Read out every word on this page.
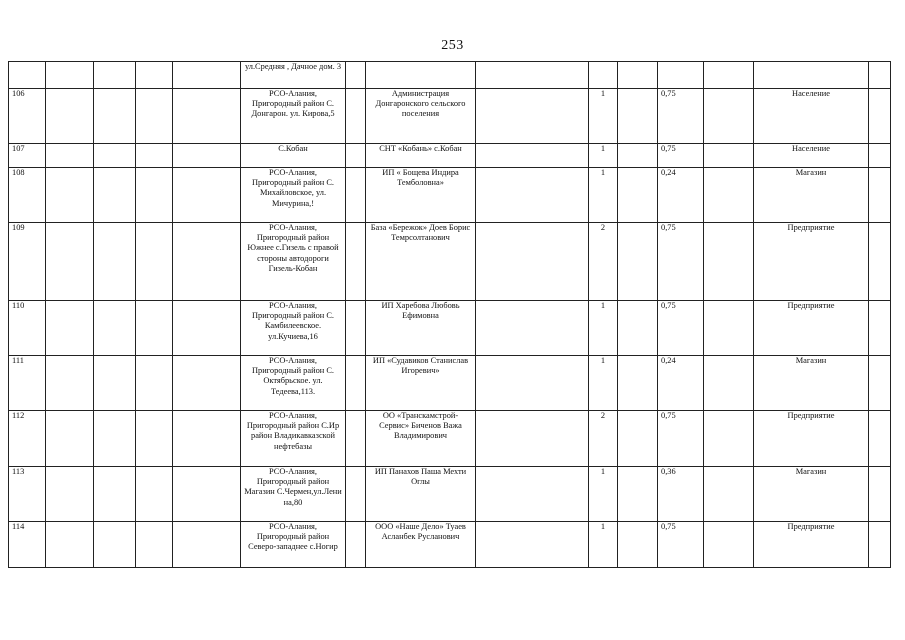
253
					ул.Средняя , Дачное дом. 3									
106					РСО-Алания, Пригородный район С. Донгарон. ул. Кирова,5		Администрация Донгаронского сельского поселения		1		0,75		Население	
107					С.Кобан		СНТ «Кобань» с.Кобан		1		0,75		Население	
108					РСО-Алания, Пригородный район С. Михайловское, ул. Мичурина,!		ИП « Бощева Индира Темболовна»		1		0,24		Магазин	
109					РСО-Алания, Пригородный район Южнее с.Гизель с правой стороны автодороги Гизель-Кобан		База «Бережок» Доев Борис Темрсолтанович		2		0,75		Предприятие	
110					РСО-Алания, Пригородный район С. Камбилеевское. ул.Кучиева,16		ИП Харебова Любовь Ефимовна		1		0,75		Предприятие	
111					РСО-Алания, Пригородный район С. Октябрьское. ул. Тедеева,113.		ИП «Судавиков Станислав Игоревич»		1		0,24		Магазин	
112					РСО-Алания, Пригородный район С.Ир район Владикавказской нефтебазы		ОО «Транскамстрой-Сервис» Биченов Важа Владимирович		2		0,75		Предприятие	
113					РСО-Алания, Пригородный район Магазин С.Чермен,ул.Лени на,80		ИП Панахов Паша Мехти Оглы		1		0,36		Магазин	
114					РСО-Алания, Пригородный район Северо-западнее с.Ногир		ООО «Наше Дело» Туаев Асланбек Русланович		1		0,75		Предприятие	
